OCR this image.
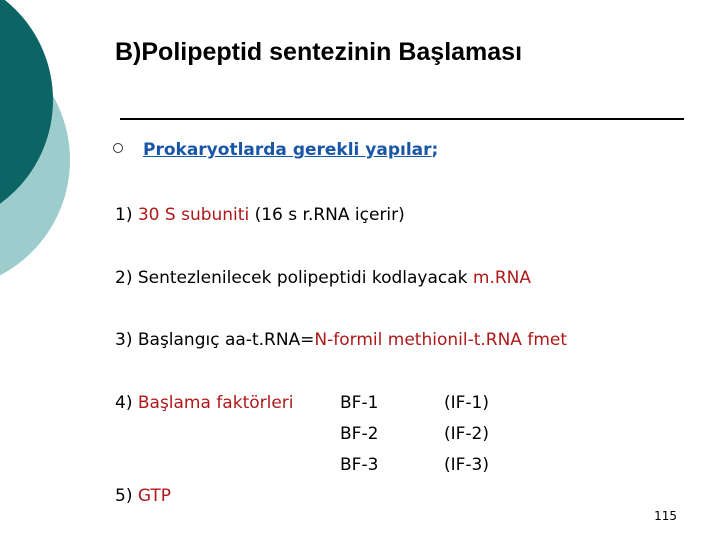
B)Polipeptid sentezinin Başlaması
Prokaryotlarda gerekli yapılar;
1) 30 S subuniti (16 s r.RNA içerir)
2) Sentezlenilecek polipeptidi kodlayacak m.RNA
3) Başlangıç aa-t.RNA=N-formil methionil-t.RNA fmet
4) Başlama faktörleri	BF-1	(IF-1)
BF-2	(IF-2)
BF-3	(IF-3)
5) GTP
115
